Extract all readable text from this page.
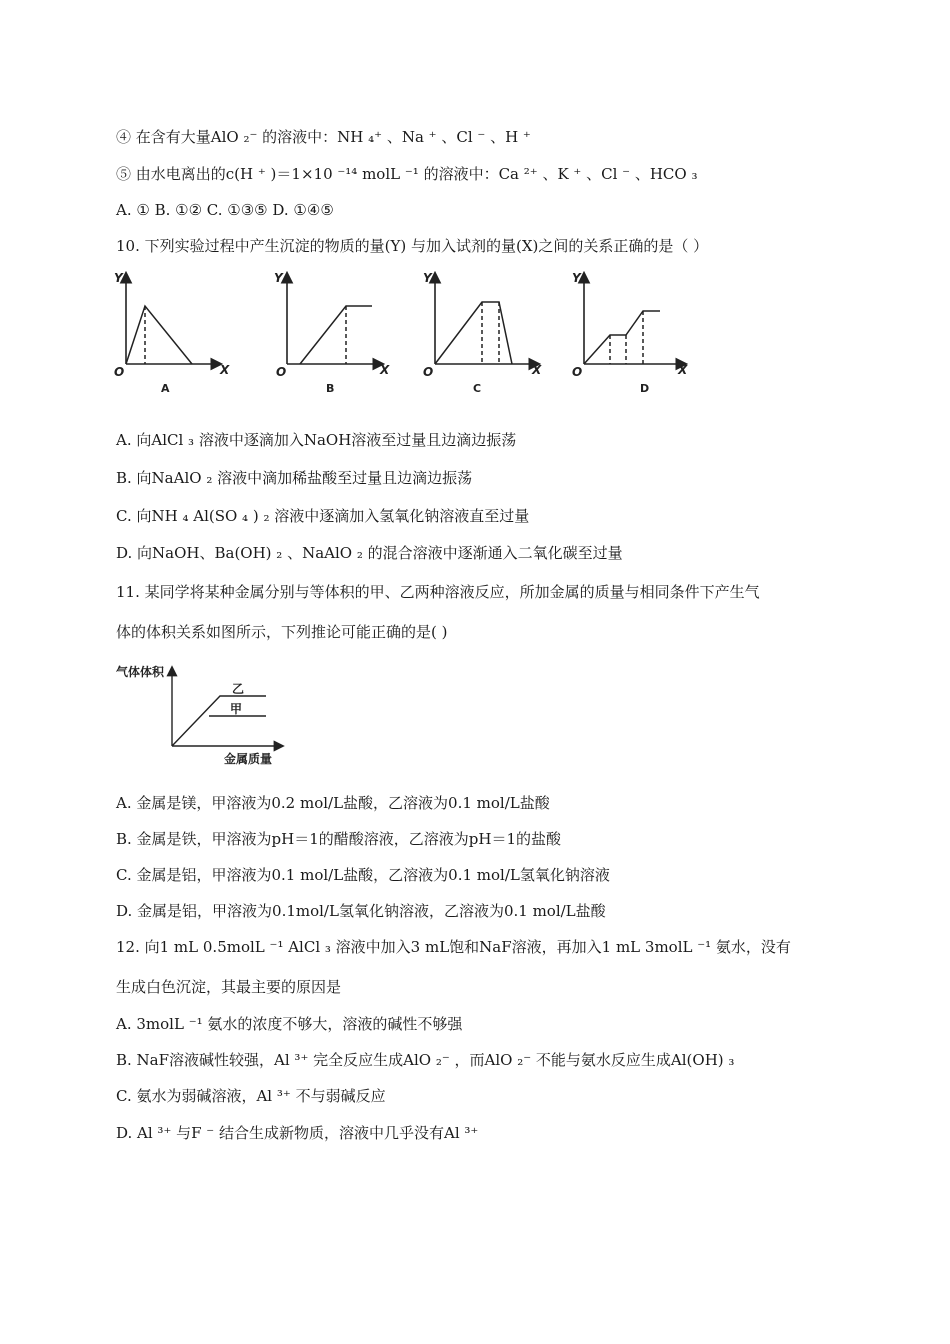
④ 在含有大量AlO ₂⁻ 的溶液中：NH ₄⁺ 、Na ⁺ 、Cl ⁻ 、H ⁺
⑤ 由水电离出的c(H ⁺ )＝1×10 ⁻¹⁴ molL ⁻¹ 的溶液中：Ca ²⁺ 、K ⁺ 、Cl ⁻ 、HCO ₃
A. ① B. ①② C. ①③⑤ D. ①④⑤
10. 下列实验过程中产生沉淀的物质的量(Y) 与加入试剂的量(X)之间的关系正确的是（ ）
Y
O	X
A
Y
O	X
B
Y
O	X
C
Y
O	X
D
A. 向AlCl ₃ 溶液中逐滴加入NaOH溶液至过量且边滴边振荡
B. 向NaAlO ₂ 溶液中滴加稀盐酸至过量且边滴边振荡
C. 向NH ₄ Al(SO ₄ ) ₂ 溶液中逐滴加入氢氧化钠溶液直至过量
D. 向NaOH、Ba(OH) ₂ 、NaAlO ₂ 的混合溶液中逐渐通入二氧化碳至过量
11. 某同学将某种金属分别与等体积的甲、乙两种溶液反应，所加金属的质量与相同条件下产生气
体的体积关系如图所示，下列推论可能正确的是( )
气体体积
金属质量
乙
甲
A. 金属是镁，甲溶液为0.2 mol/L盐酸，乙溶液为0.1 mol/L盐酸
B. 金属是铁，甲溶液为pH＝1的醋酸溶液，乙溶液为pH＝1的盐酸
C. 金属是铝，甲溶液为0.1 mol/L盐酸，乙溶液为0.1 mol/L氢氧化钠溶液
D. 金属是铝，甲溶液为0.1mol/L氢氧化钠溶液，乙溶液为0.1 mol/L盐酸
12. 向1 mL 0.5molL ⁻¹ AlCl ₃ 溶液中加入3 mL饱和NaF溶液，再加入1 mL 3molL ⁻¹ 氨水，没有
生成白色沉淀，其最主要的原因是
A. 3molL ⁻¹ 氨水的浓度不够大，溶液的碱性不够强
B. NaF溶液碱性较强，Al ³⁺ 完全反应生成AlO ₂⁻ ，而AlO ₂⁻ 不能与氨水反应生成Al(OH) ₃
C. 氨水为弱碱溶液，Al ³⁺ 不与弱碱反应
D. Al ³⁺ 与F ⁻ 结合生成新物质，溶液中几乎没有Al ³⁺
